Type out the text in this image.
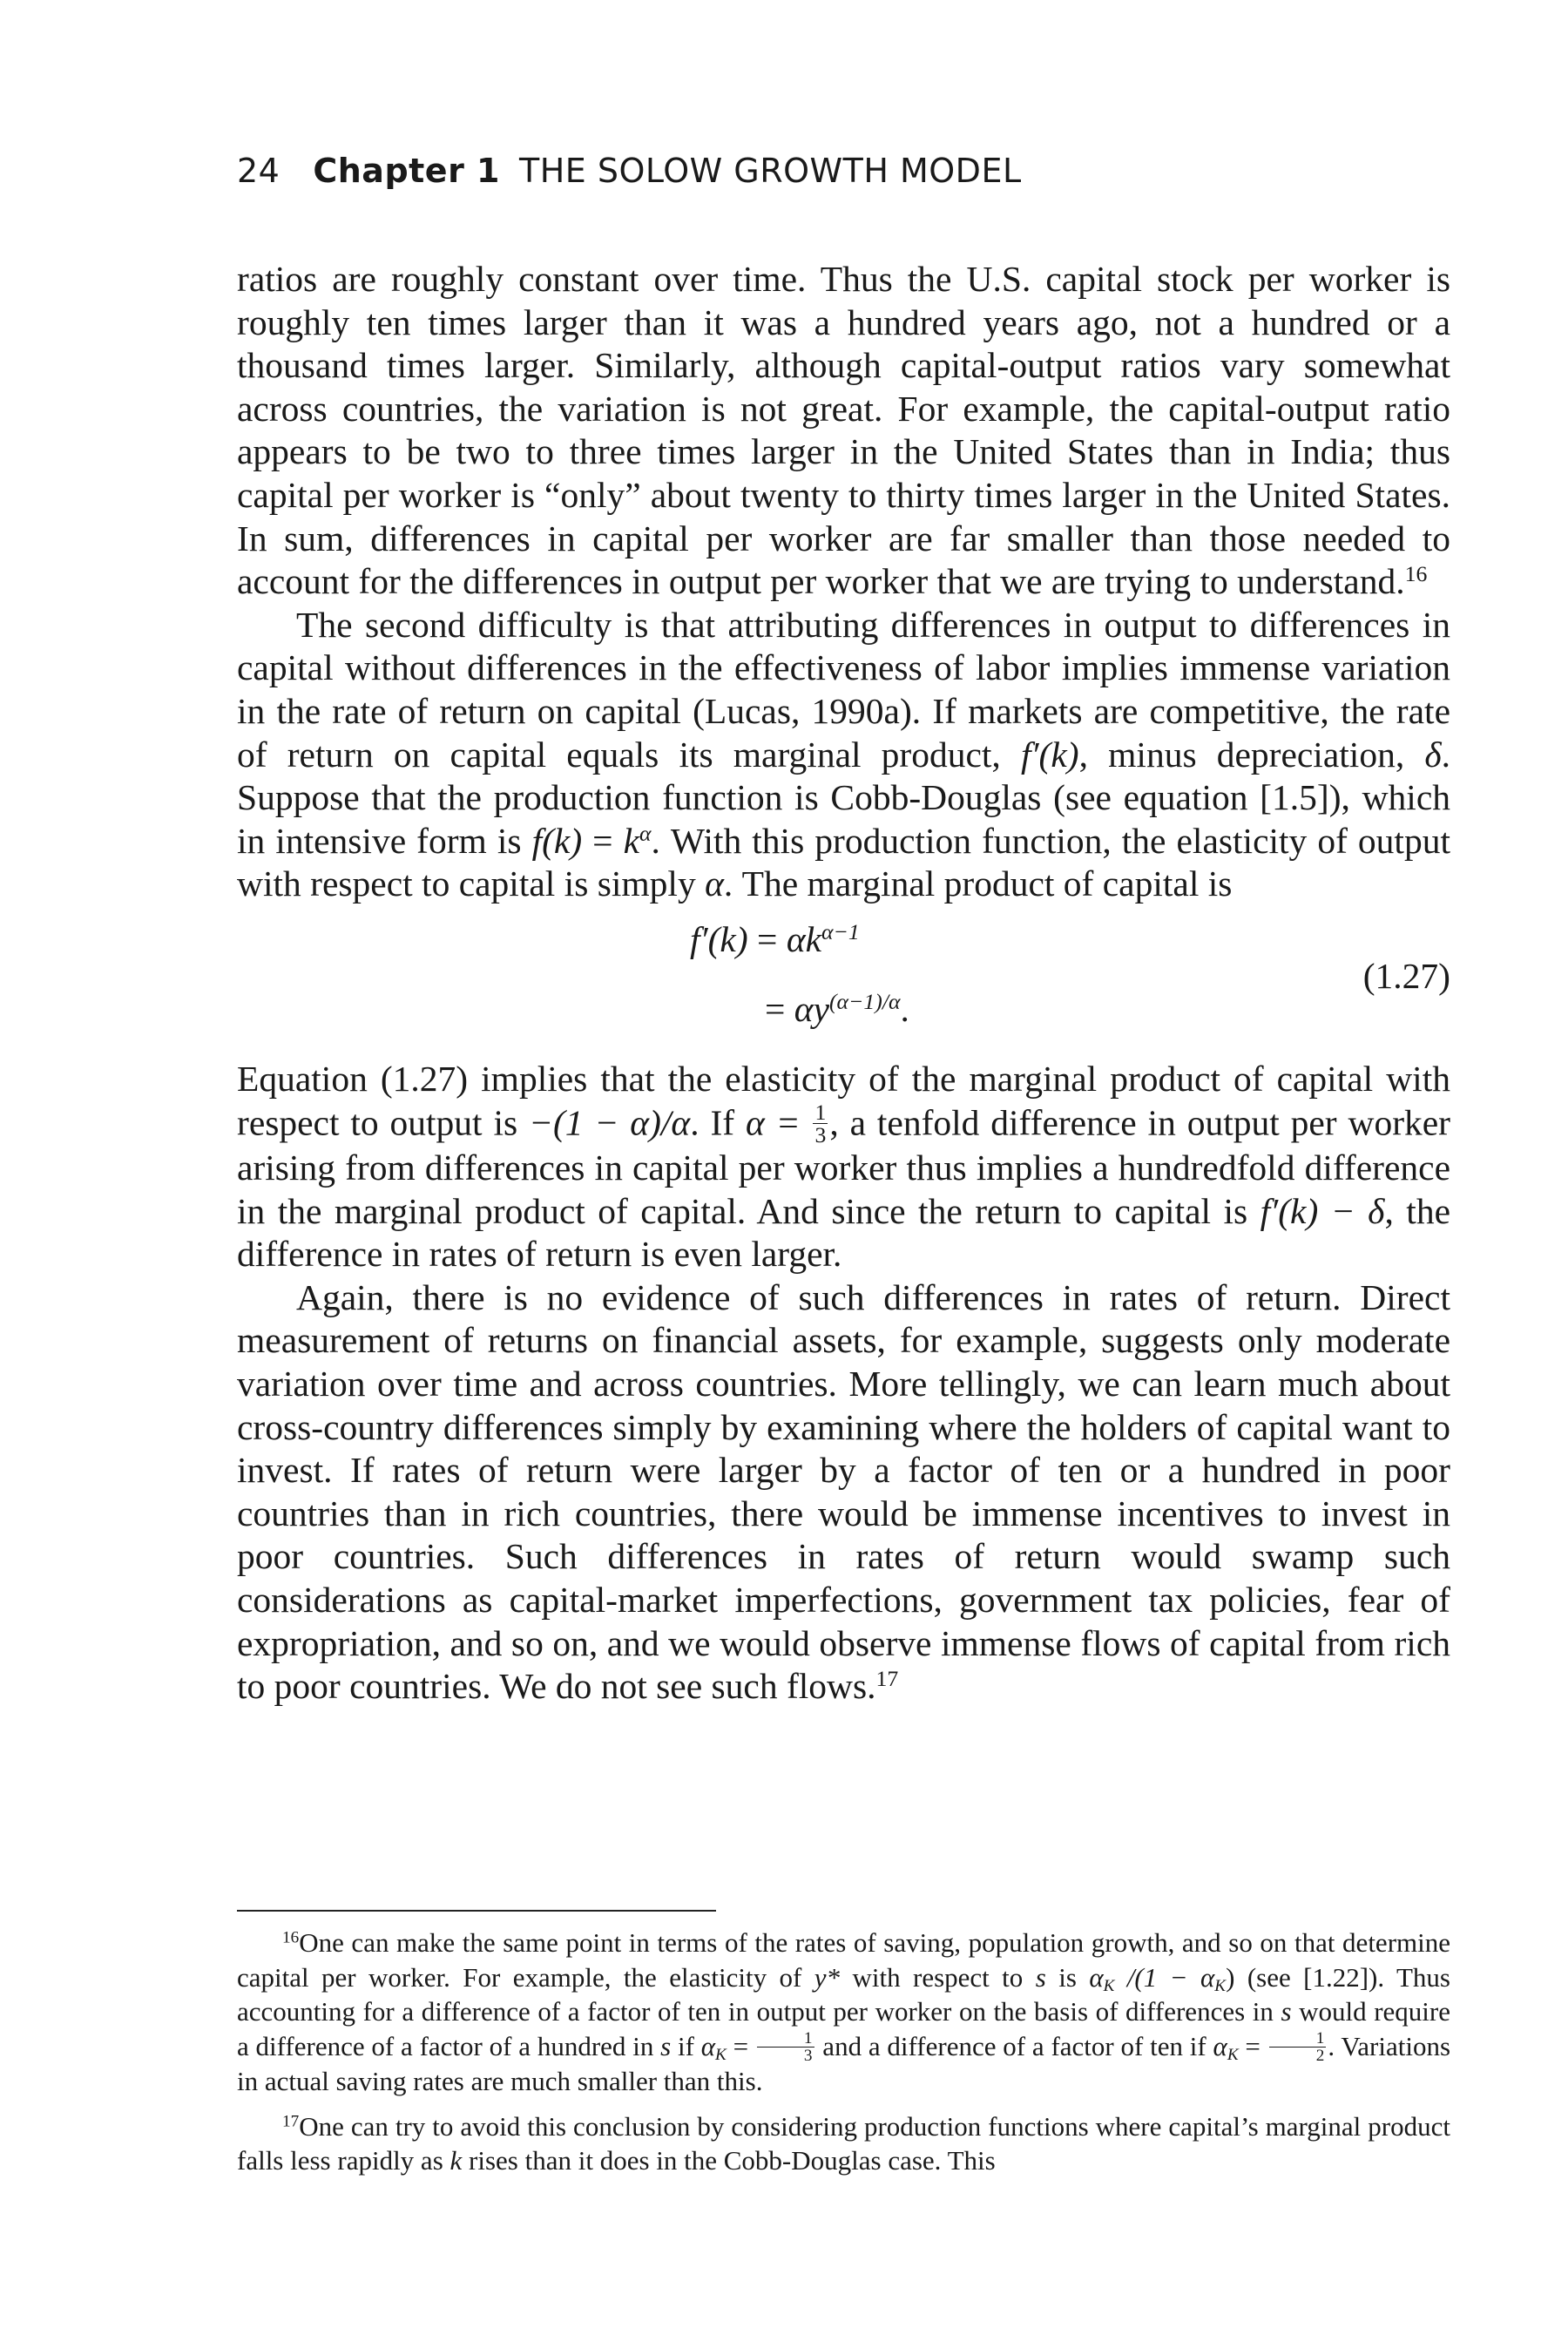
24 Chapter 1 THE SOLOW GROWTH MODEL

ratios are roughly constant over time. Thus the U.S. capital stock per worker is roughly ten times larger than it was a hundred years ago, not a hundred or a thousand times larger. Similarly, although capital-output ratios vary somewhat across countries, the variation is not great. For example, the capital-output ratio appears to be two to three times larger in the United States than in India; thus capital per worker is “only” about twenty to thirty times larger in the United States. In sum, differences in capital per worker are far smaller than those needed to account for the differences in output per worker that we are trying to understand.$^{16}$

The second difficulty is that attributing differences in output to differences in capital without differences in the effectiveness of labor implies immense variation in the rate of return on capital (Lucas, 1990a). If markets are competitive, the rate of return on capital equals its marginal product, f′(k), minus depreciation, δ. Suppose that the production function is Cobb-Douglas (see equation [1.5]), which in intensive form is $f(k) = k^\alpha$. With this production function, the elasticity of output with respect to capital is simply α. The marginal product of capital is

$f'(k) = \alpha k^{\alpha-1}$
= $\alpha y^{(\alpha-1)/\alpha}$.
(1.27)

Equation (1.27) implies that the elasticity of the marginal product of capital with respect to output is −(1 − α)/α. If $\alpha = \frac{1}{3}$ , a tenfold difference in output per worker arising from differences in capital per worker thus implies a hundredfold difference in the marginal product of capital. And since the return to capital is f′(k) − δ, the difference in rates of return is even larger.

Again, there is no evidence of such differences in rates of return. Direct measurement of returns on financial assets, for example, suggests only moderate variation over time and across countries. More tellingly, we can learn much about cross-country differences simply by examining where the holders of capital want to invest. If rates of return were larger by a factor of ten or a hundred in poor countries than in rich countries, there would be immense incentives to invest in poor countries. Such differences in rates of return would swamp such considerations as capital-market imperfections, government tax policies, fear of expropriation, and so on, and we would observe immense flows of capital from rich to poor countries. We do not see such flows.$^{17}$

$^{16}$One can make the same point in terms of the rates of saving, population growth, and so on that determine capital per worker. For example, the elasticity of y* with respect to s is $\alpha_K$ $/(1 - \alpha_K)$ (see [1.22]). Thus accounting for a difference of a factor of ten in output per worker on the basis of differences in s would require a difference of a factor of a hundred in s if $\alpha_K = \frac{1}{3}$ and a difference of a factor of ten if $\alpha_K = \frac{1}{2}$ . Variations in actual saving rates are much smaller than this.

$^{17}$One can try to avoid this conclusion by considering production functions where capital’s marginal product falls less rapidly as k rises than it does in the Cobb-Douglas case. This
